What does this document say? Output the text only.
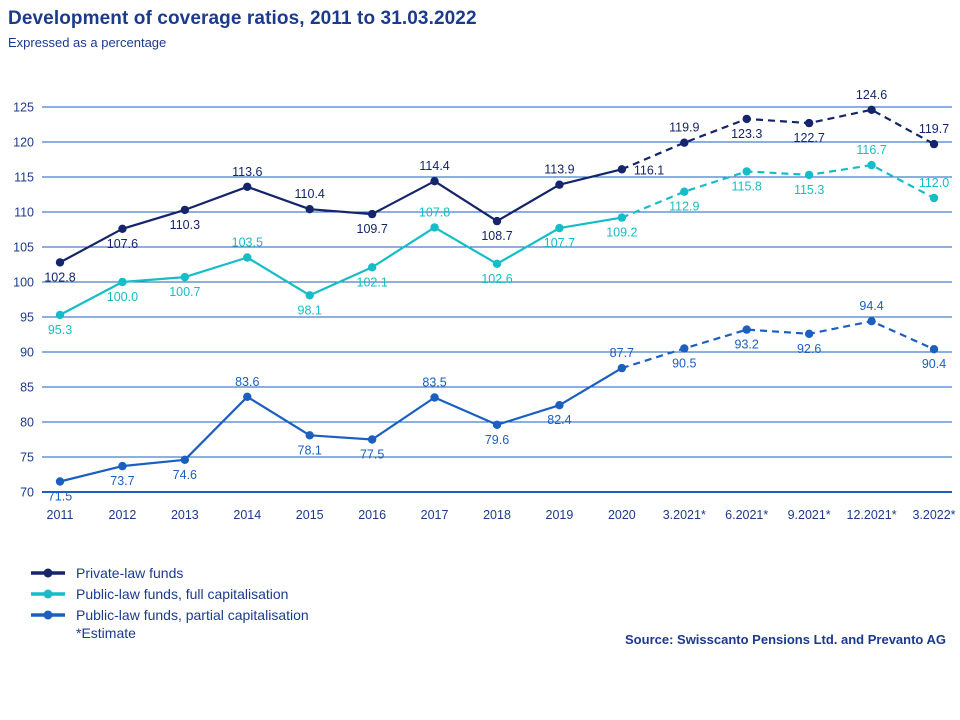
Development of coverage ratios, 2011 to 31.03.2022
Expressed as a percentage
70
75
80
85
90
95
100
105
110
115
120
125
2011	2012	2013	2014	2015	2016	2017	2018	2019	2020 3.2021* 6.2021* 9.2021* 12.2021* 3.2022*
102.8
107.6
110.3
113.6
110.4
109.7
114.4
108.7
113.9	116.1
119.9	123.3 122.7
124.6
119.7
95.3
100.0 100.7
103.5
98.1
102.1
107.8
102.6
107.7
109.2
112.9
115.8	115.3
116.7
112.0
71.5
73.7	74.6
83.6
78.1	77.5
83.5
79.6
82.4
87.7
90.5
93.2	92.6
94.4
90.4
Private-law funds
Public-law funds, full capitalisation
Public-law funds, partial capitalisation
*Estimate	Source: Swisscanto Pensions Ltd. and Prevanto AG
